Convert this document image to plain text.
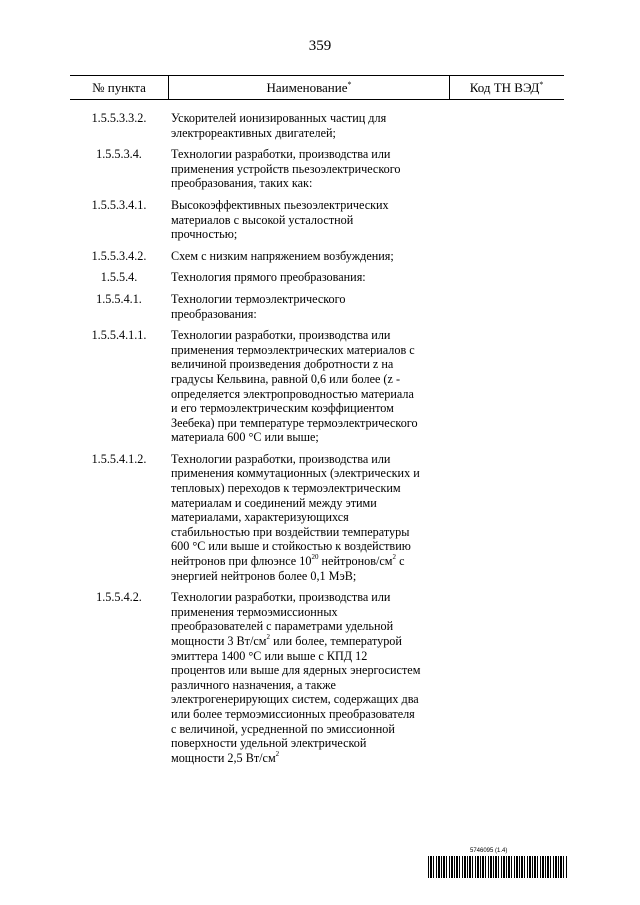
359
№ пункта	Наименование*	Код ТН ВЭД*
1.5.5.3.3.2.	Ускорителей ионизированных частиц для электрореактивных двигателей;
1.5.5.3.4.	Технологии разработки, производства или применения устройств пьезоэлектрического преобразования, таких как:
1.5.5.3.4.1.	Высокоэффективных пьезоэлектрических материалов с высокой усталостной прочностью;
1.5.5.3.4.2.	Схем с низким напряжением возбуждения;
1.5.5.4.	Технология прямого преобразования:
1.5.5.4.1.	Технологии термоэлектрического преобразования:
1.5.5.4.1.1.	Технологии разработки, производства или применения термоэлектрических материалов с величиной произведения добротности z на градусы Кельвина, равной 0,6 или более (z - определяется электропроводностью материала и его термоэлектрическим коэффициентом Зеебека) при температуре термоэлектрического материала 600 °С или выше;
1.5.5.4.1.2.	Технологии разработки, производства или применения коммутационных (электрических и тепловых) переходов к термоэлектрическим материалам и соединений между этими материалами, характеризующихся стабильностью при воздействии температуры 600 °С или выше и стойкостью к воздействию нейтронов при флюэнсе $10^{20}$ нейтронов/$см^2$ с энергией нейтронов более 0,1 МэВ;
1.5.5.4.2.	Технологии разработки, производства или применения термоэмиссионных преобразователей с параметрами удельной мощности 3 $Вт/см^2$ или более, температурой эмиттера 1400 °С или выше с КПД 12 процентов или выше для ядерных энергосистем различного назначения, а также электрогенерирующих систем, содержащих два или более термоэмиссионных преобразователя с величиной, усредненной по эмиссионной поверхности удельной электрической мощности 2,5 $Вт/см^2$
5746095 (1.4)
